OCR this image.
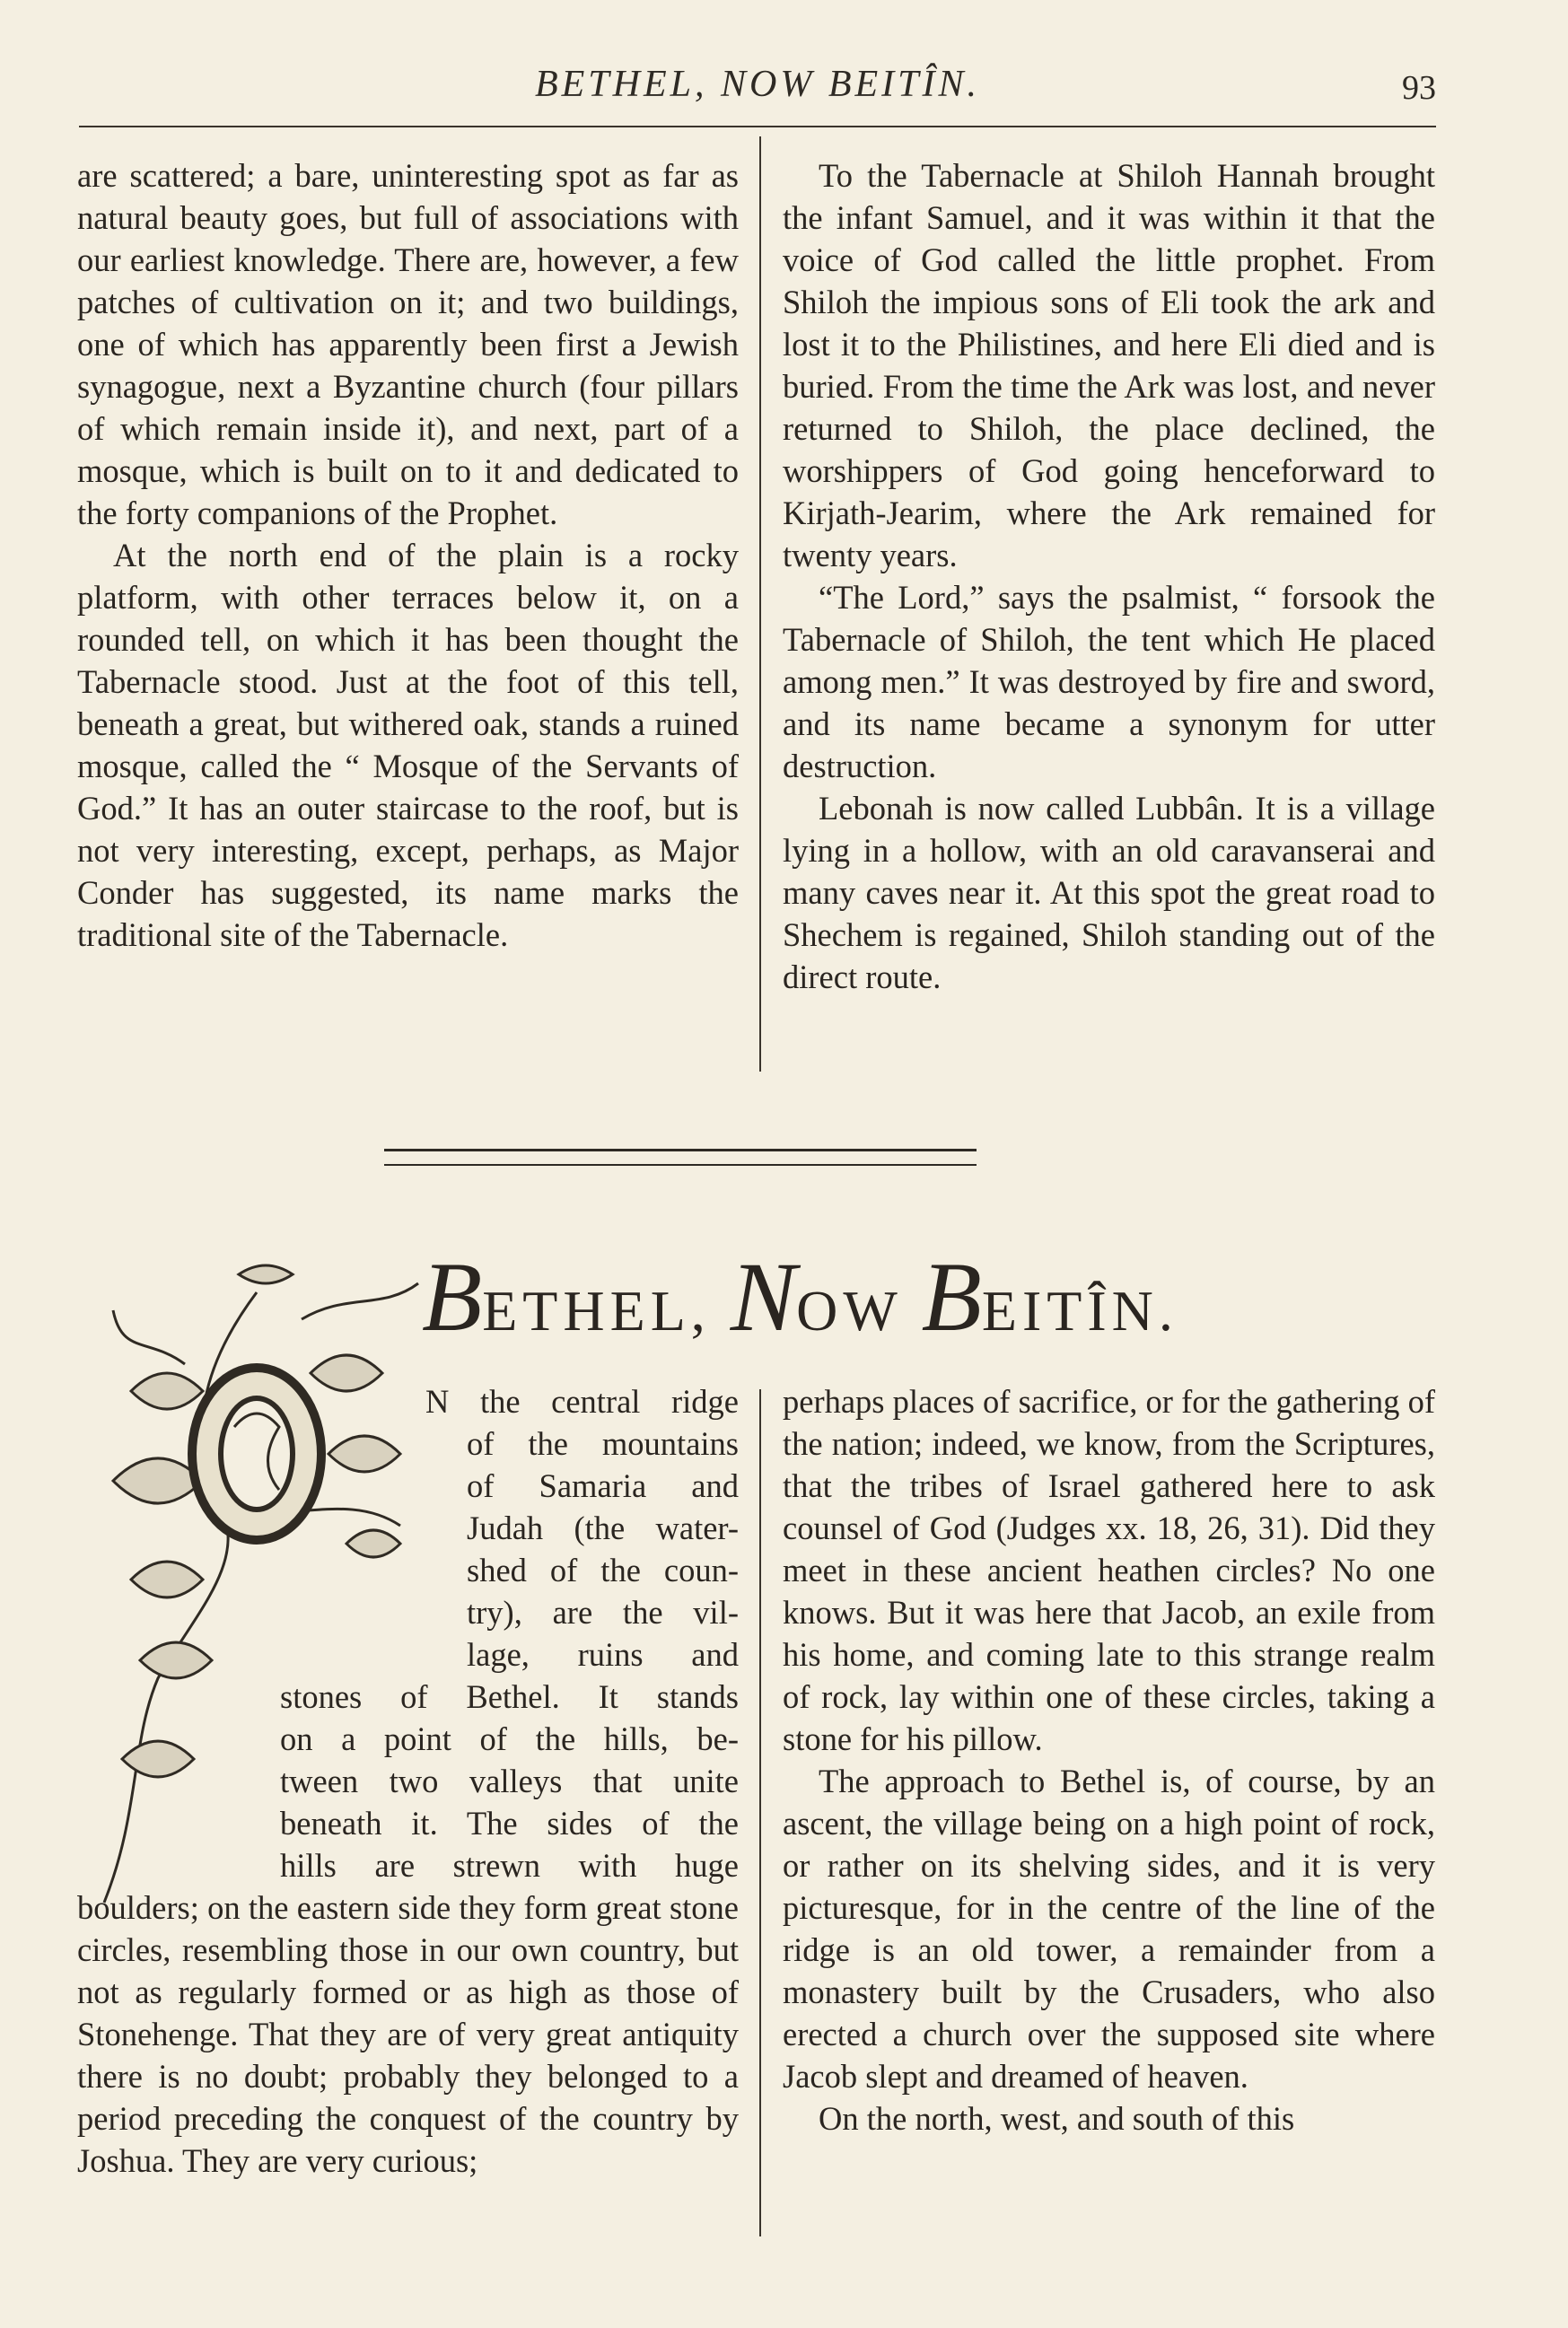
BETHEL, NOW BEITÎN.	93

are scattered; a bare, uninteresting spot as far as natural beauty goes, but full of associations with our earliest knowledge. There are, however, a few patches of cultivation on it; and two buildings, one of which has apparently been first a Jewish synagogue, next a Byzantine church (four pillars of which remain inside it), and next, part of a mosque, which is built on to it and dedicated to the forty companions of the Prophet.

At the north end of the plain is a rocky platform, with other terraces below it, on a rounded tell, on which it has been thought the Tabernacle stood. Just at the foot of this tell, beneath a great, but withered oak, stands a ruined mosque, called the “ Mosque of the Servants of God.” It has an outer staircase to the roof, but is not very interesting, except, perhaps, as Major Conder has suggested, its name marks the traditional site of the Tabernacle.

To the Tabernacle at Shiloh Hannah brought the infant Samuel, and it was within it that the voice of God called the little prophet. From Shiloh the impious sons of Eli took the ark and lost it to the Philistines, and here Eli died and is buried. From the time the Ark was lost, and never returned to Shiloh, the place declined, the worshippers of God going henceforward to Kirjath-Jearim, where the Ark remained for twenty years.

“The Lord,” says the psalmist, “ forsook the Tabernacle of Shiloh, the tent which He placed among men.” It was destroyed by fire and sword, and its name became a synonym for utter destruction.

Lebonah is now called Lubbân. It is a village lying in a hollow, with an old caravanserai and many caves near it. At this spot the great road to Shechem is regained, Shiloh standing out of the direct route.

BETHEL, NOW BEITÎN.
N the central ridge
of the mountains
of Samaria and
Judah (the water-
shed of the coun-
try), are the vil-
lage, ruins and
stones of Bethel. It stands
on a point of the hills, be-
tween two valleys that unite
beneath it. The sides of the
hills are strewn with huge

boulders; on the eastern side they form great stone circles, resembling those in our own country, but not as regularly formed or as high as those of Stonehenge. That they are of very great antiquity there is no doubt; probably they belonged to a period preceding the conquest of the country by Joshua. They are very curious;

perhaps places of sacrifice, or for the gathering of the nation; indeed, we know, from the Scriptures, that the tribes of Israel gathered here to ask counsel of God (Judges xx. 18, 26, 31). Did they meet in these ancient heathen circles? No one knows. But it was here that Jacob, an exile from his home, and coming late to this strange realm of rock, lay within one of these circles, taking a stone for his pillow.

The approach to Bethel is, of course, by an ascent, the village being on a high point of rock, or rather on its shelving sides, and it is very picturesque, for in the centre of the line of the ridge is an old tower, a remainder from a monastery built by the Crusaders, who also erected a church over the supposed site where Jacob slept and dreamed of heaven.

On the north, west, and south of this
